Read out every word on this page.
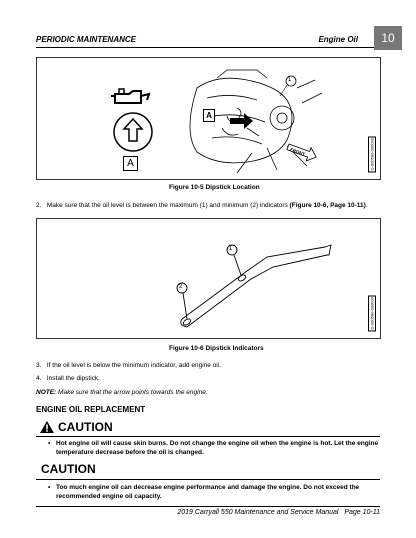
PERIODIC MAINTENANCE	Engine Oil	10
FRONT
1
A
A	G-000580-000030
Figure 10-5 Dipstick Location
2. Make sure that the oil level is between the maximum (1) and minimum (2) indicators (Figure 10-6, Page 10-11).
1
2
G-000580-000033
Figure 10-6 Dipstick Indicators
3. If the oil level is below the minimum indicator, add engine oil.
4. Install the dipstick.
NOTE: Make sure that the arrow points towards the engine.
ENGINE OIL REPLACEMENT
CAUTION
• Hot engine oil will cause skin burns. Do not change the engine oil when the engine is hot. Let the engine temperature decrease before the oil is changed.
CAUTION
• Too much engine oil can decrease engine performance and damage the engine. Do not exceed the recommended engine oil capacity.
2019 Carryall 550 Maintenance and Service Manual Page 10-11
